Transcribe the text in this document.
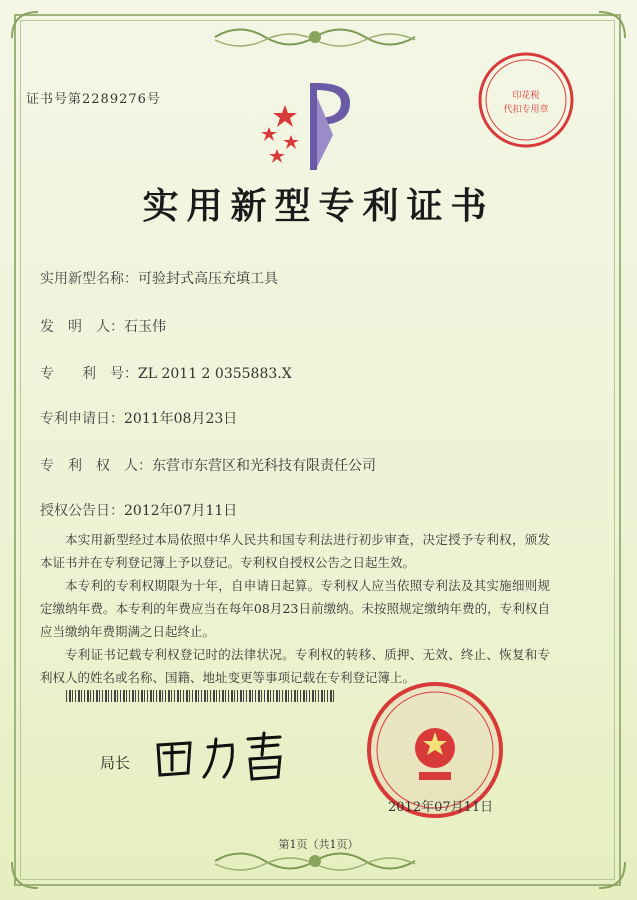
证书号第2289276号	印花税
代扣专用章
实用新型专利证书
实用新型名称：可验封式高压充填工具
发　明　人：石玉伟
专　　利　号：ZL 2011 2 0355883.X
专利申请日：2011年08月23日
专　利　权　人：东营市东营区和光科技有限责任公司
授权公告日：2012年07月11日

本实用新型经过本局依照中华人民共和国专利法进行初步审查，决定授予专利权，颁发本证书并在专利登记簿上予以登记。专利权自授权公告之日起生效。

本专利的专利权期限为十年，自申请日起算。专利权人应当依照专利法及其实施细则规定缴纳年费。本专利的年费应当在每年08月23日前缴纳。未按照规定缴纳年费的，专利权自应当缴纳年费期满之日起终止。

专利证书记载专利权登记时的法律状况。专利权的转移、质押、无效、终止、恢复和专利权人的姓名或名称、国籍、地址变更等事项记载在专利登记簿上。

局长
2012年07月11日
第1页（共1页）
